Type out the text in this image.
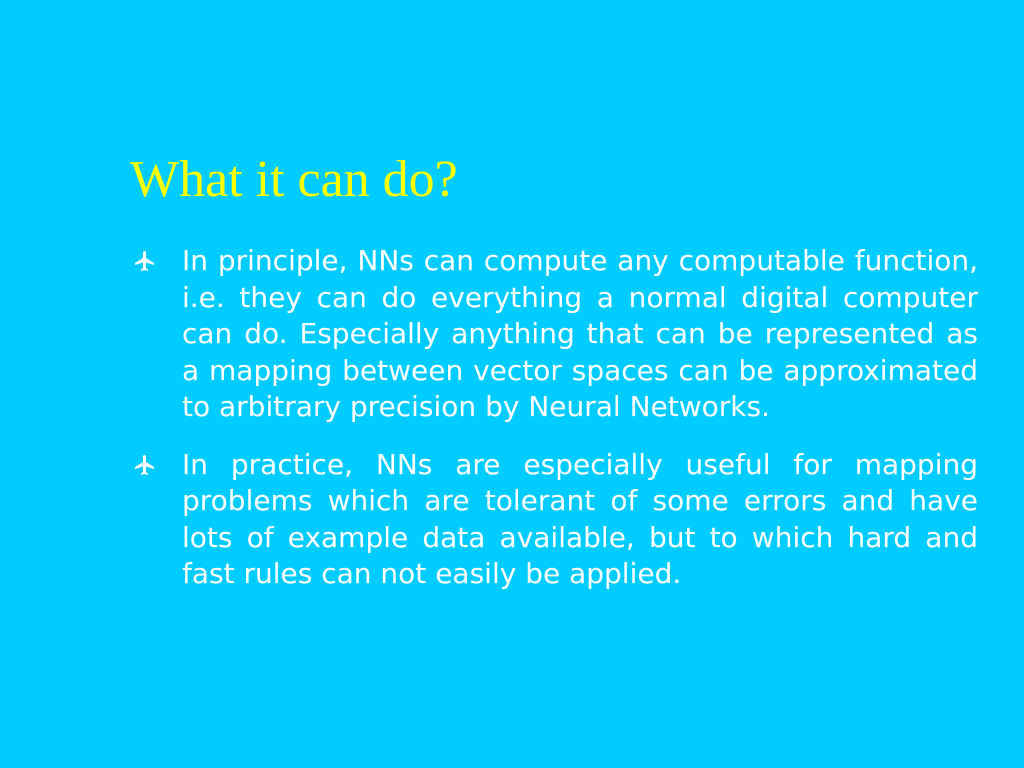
What it can do?
In principle, NNs can compute any computable function, i.e. they can do everything a normal digital computer can do. Especially anything that can be represented as a mapping between vector spaces can be approximated to arbitrary precision by Neural Networks.
In practice, NNs are especially useful for mapping problems which are tolerant of some errors and have lots of example data available, but to which hard and fast rules can not easily be applied.
